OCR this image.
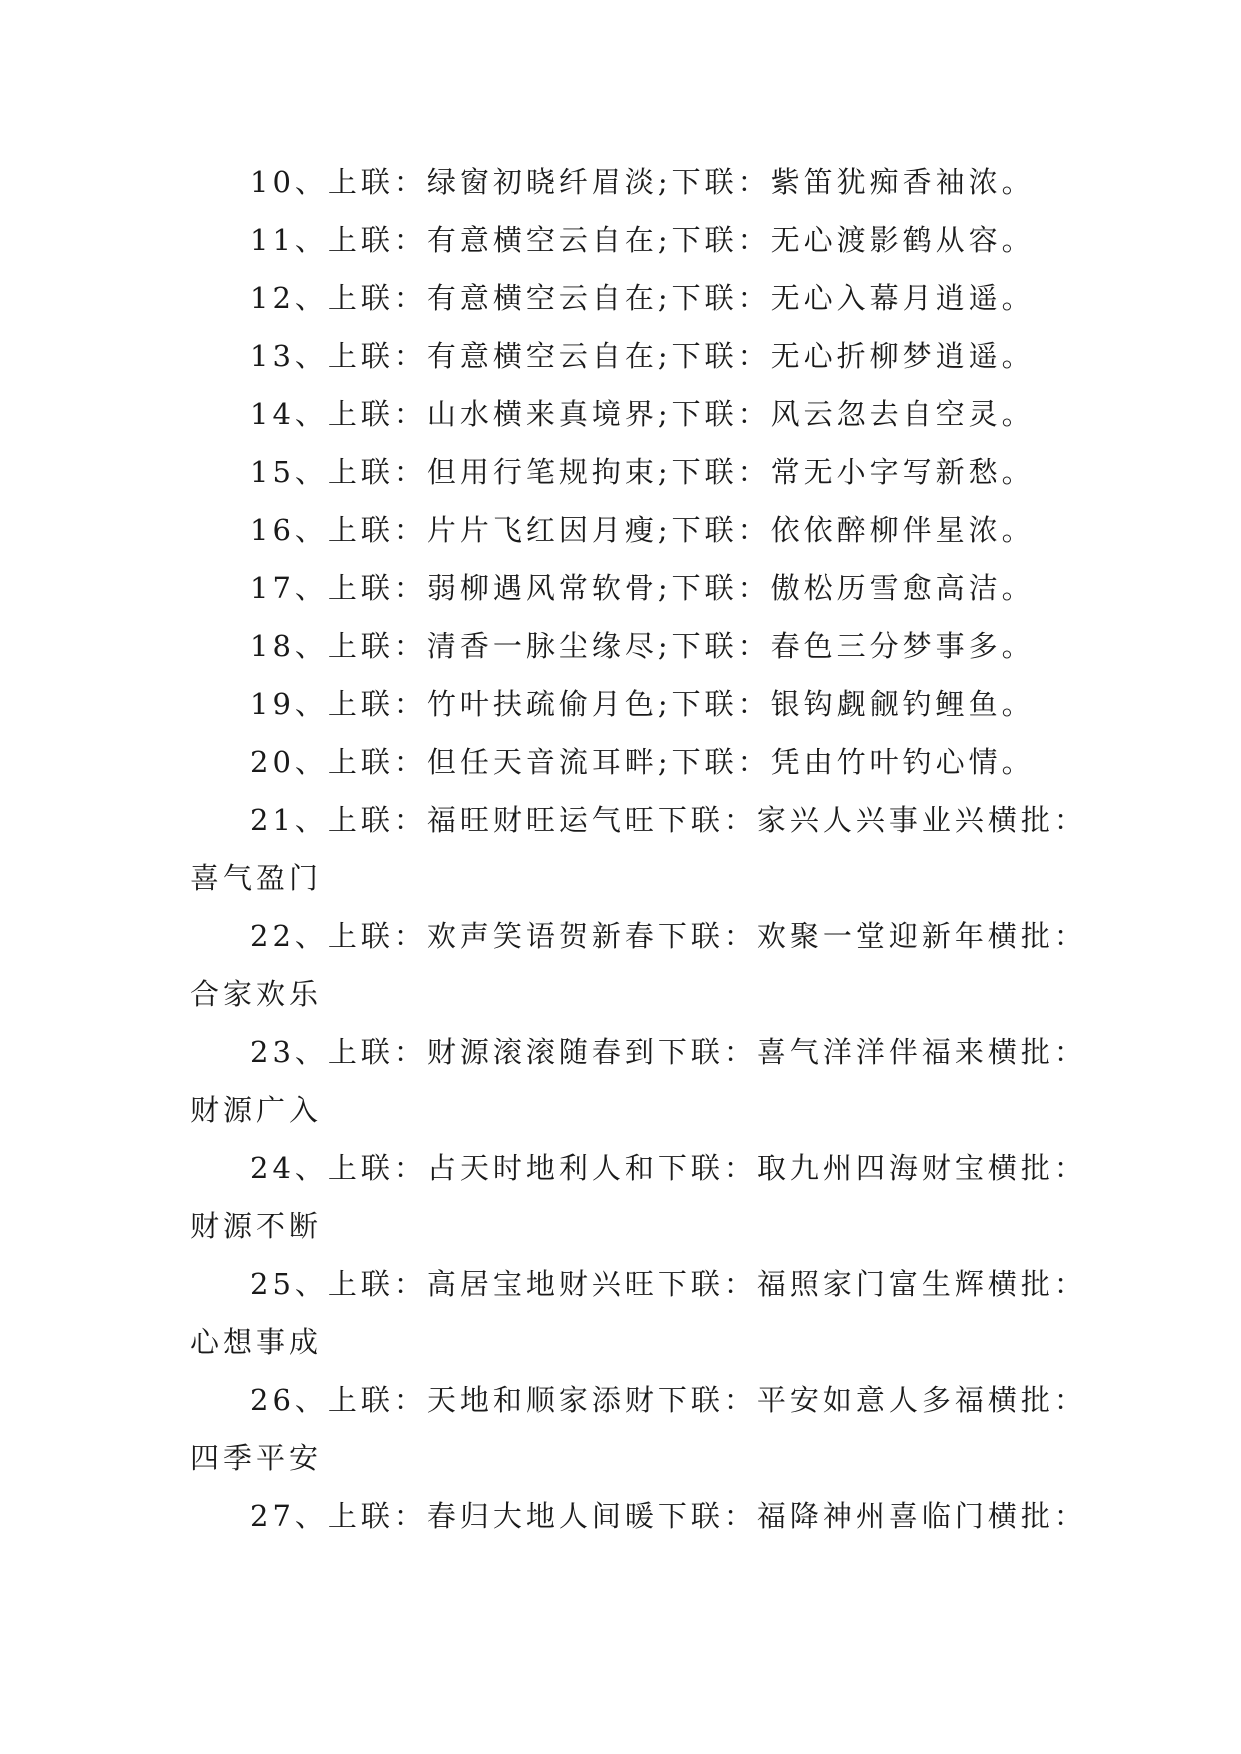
10、上联：绿窗初晓纤眉淡;下联：紫笛犹痴香袖浓。
11、上联：有意横空云自在;下联：无心渡影鹤从容。
12、上联：有意横空云自在;下联：无心入幕月逍遥。
13、上联：有意横空云自在;下联：无心折柳梦逍遥。
14、上联：山水横来真境界;下联：风云忽去自空灵。
15、上联：但用行笔规拘束;下联：常无小字写新愁。
16、上联：片片飞红因月瘦;下联：依依醉柳伴星浓。
17、上联：弱柳遇风常软骨;下联：傲松历雪愈高洁。
18、上联：清香一脉尘缘尽;下联：春色三分梦事多。
19、上联：竹叶扶疏偷月色;下联：银钩觑觎钓鲤鱼。
20、上联：但任天音流耳畔;下联：凭由竹叶钓心情。
21、上联：福旺财旺运气旺下联：家兴人兴事业兴横批：
喜气盈门
22、上联：欢声笑语贺新春下联：欢聚一堂迎新年横批：
合家欢乐
23、上联：财源滚滚随春到下联：喜气洋洋伴福来横批：
财源广入
24、上联：占天时地利人和下联：取九州四海财宝横批：
财源不断
25、上联：高居宝地财兴旺下联：福照家门富生辉横批：
心想事成
26、上联：天地和顺家添财下联：平安如意人多福横批：
四季平安
27、上联：春归大地人间暖下联：福降神州喜临门横批：
